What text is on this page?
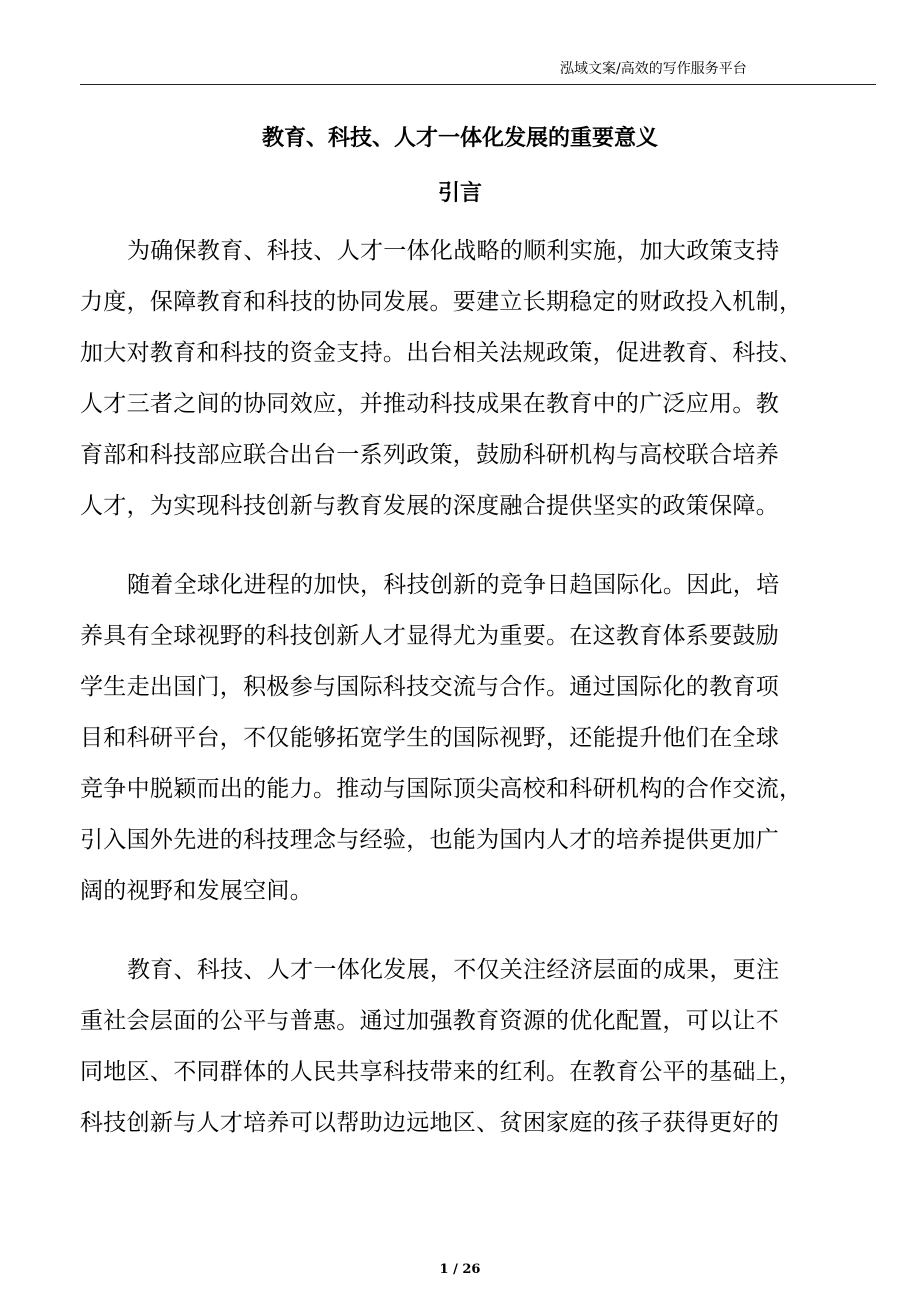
泓域文案/高效的写作服务平台
教育、科技、人才一体化发展的重要意义
引言
为确保教育、科技、人才一体化战略的顺利实施，加大政策支持
力度，保障教育和科技的协同发展。要建立长期稳定的财政投入机制，
加大对教育和科技的资金支持。出台相关法规政策，促进教育、科技、
人才三者之间的协同效应，并推动科技成果在教育中的广泛应用。教
育部和科技部应联合出台一系列政策，鼓励科研机构与高校联合培养
人才，为实现科技创新与教育发展的深度融合提供坚实的政策保障。
随着全球化进程的加快，科技创新的竞争日趋国际化。因此，培
养具有全球视野的科技创新人才显得尤为重要。在这教育体系要鼓励
学生走出国门，积极参与国际科技交流与合作。通过国际化的教育项
目和科研平台，不仅能够拓宽学生的国际视野，还能提升他们在全球
竞争中脱颖而出的能力。推动与国际顶尖高校和科研机构的合作交流，
引入国外先进的科技理念与经验，也能为国内人才的培养提供更加广
阔的视野和发展空间。
教育、科技、人才一体化发展，不仅关注经济层面的成果，更注
重社会层面的公平与普惠。通过加强教育资源的优化配置，可以让不
同地区、不同群体的人民共享科技带来的红利。在教育公平的基础上，
科技创新与人才培养可以帮助边远地区、贫困家庭的孩子获得更好的
1 / 26
